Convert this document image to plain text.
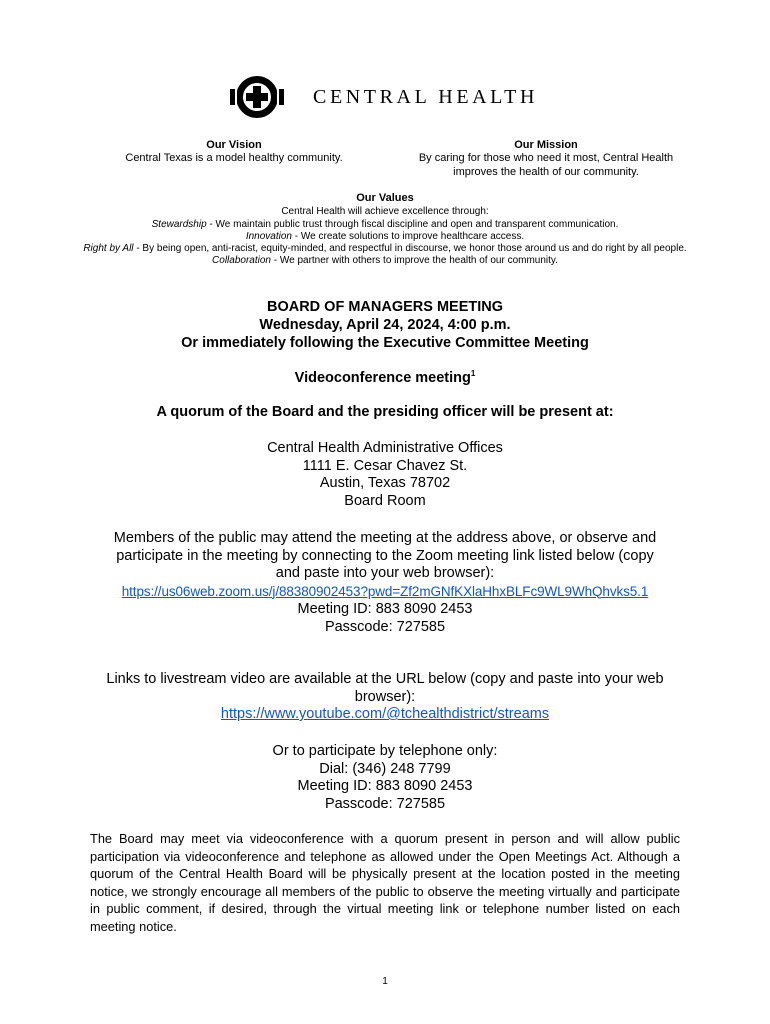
CENTRAL HEALTH
Our Vision
Central Texas is a model healthy community.
Our Mission
By caring for those who need it most, Central Health
improves the health of our community.
Our Values
Central Health will achieve excellence through:
Stewardship - We maintain public trust through fiscal discipline and open and transparent communication.
Innovation - We create solutions to improve healthcare access.
Right by All - By being open, anti-racist, equity-minded, and respectful in discourse, we honor those around us and do right by all people.
Collaboration - We partner with others to improve the health of our community.
BOARD OF MANAGERS MEETING
Wednesday, April 24, 2024, 4:00 p.m.
Or immediately following the Executive Committee Meeting
Videoconference meeting$^1$
A quorum of the Board and the presiding officer will be present at:
Central Health Administrative Offices
1111 E. Cesar Chavez St.
Austin, Texas 78702
Board Room
Members of the public may attend the meeting at the address above, or observe and
participate in the meeting by connecting to the Zoom meeting link listed below (copy
and paste into your web browser):
https://us06web.zoom.us/j/88380902453?pwd=Zf2mGNfKXlaHhxBLFc9WL9WhQhvks5.1
Meeting ID: 883 8090 2453
Passcode: 727585
Links to livestream video are available at the URL below (copy and paste into your web
browser):
https://www.youtube.com/@tchealthdistrict/streams
Or to participate by telephone only:
Dial: (346) 248 7799
Meeting ID: 883 8090 2453
Passcode: 727585
The Board may meet via videoconference with a quorum present in person and will allow public participation via videoconference and telephone as allowed under the Open Meetings Act. Although a quorum of the Central Health Board will be physically present at the location posted in the meeting notice, we strongly encourage all members of the public to observe the meeting virtually and participate in public comment, if desired, through the virtual meeting link or telephone number listed on each meeting notice.
1
